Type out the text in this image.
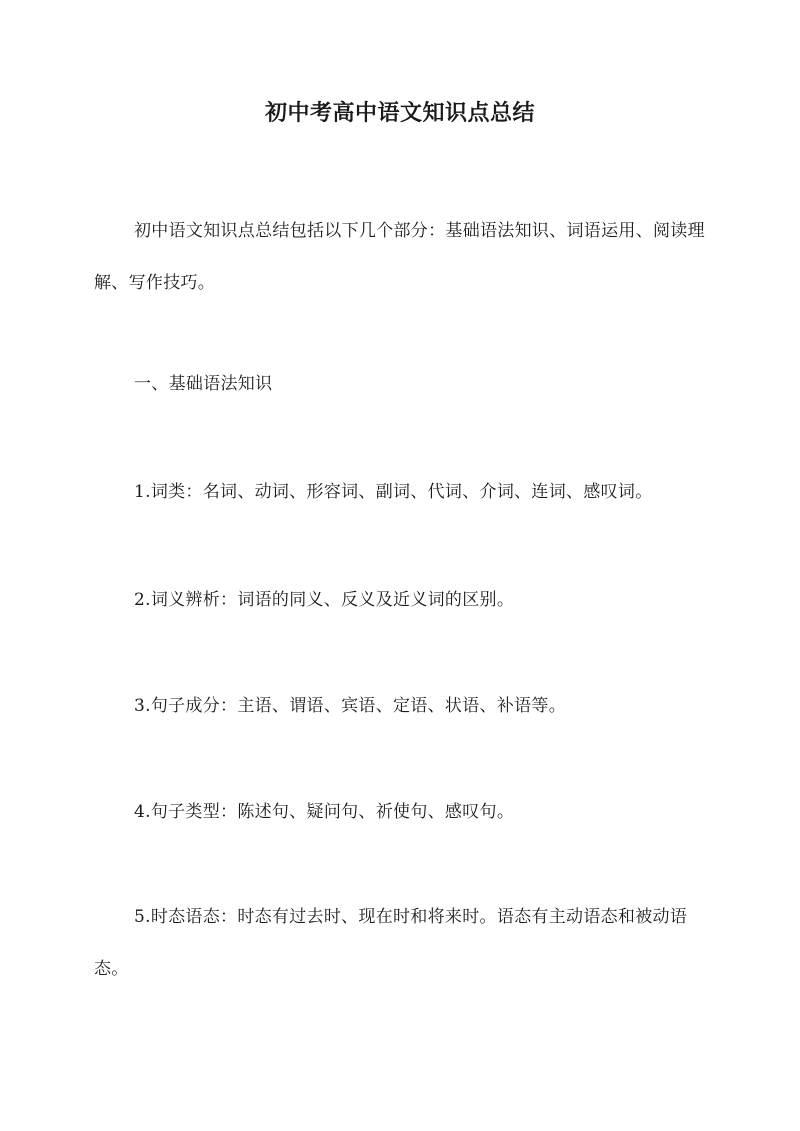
初中考高中语文知识点总结

初中语文知识点总结包括以下几个部分：基础语法知识、词语运用、阅读理解、写作技巧。

一、基础语法知识

1.词类：名词、动词、形容词、副词、代词、介词、连词、感叹词。

2.词义辨析：词语的同义、反义及近义词的区别。

3.句子成分：主语、谓语、宾语、定语、状语、补语等。

4.句子类型：陈述句、疑问句、祈使句、感叹句。

5.时态语态：时态有过去时、现在时和将来时。语态有主动语态和被动语态。
